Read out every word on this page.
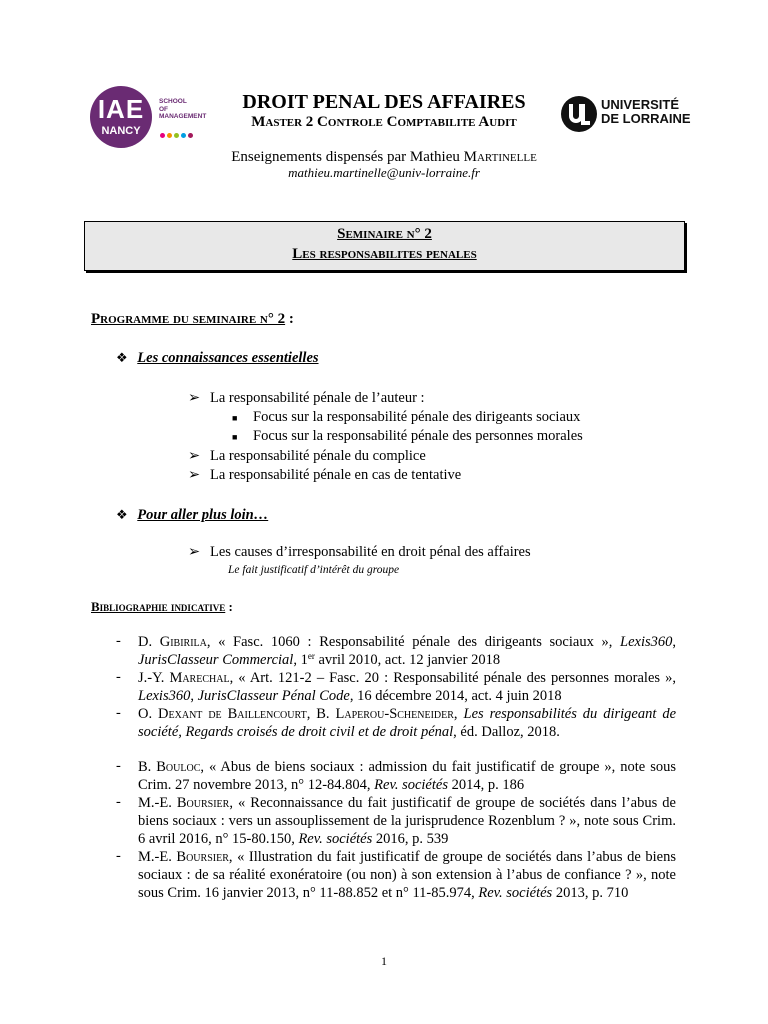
IAE
NANCY
SCHOOL
OF
MANAGEMENT
DROIT PENAL DES AFFAIRES
Master 2 Controle Comptabilite Audit
UNIVERSITÉ
DE LORRAINE
Enseignements dispensés par Mathieu Martinelle
mathieu.martinelle@univ-lorraine.fr
Seminaire n° 2
Les responsabilites penales
Programme du seminaire n° 2 :
❖ Les connaissances essentielles
➢ La responsabilité pénale de l’auteur :
■ Focus sur la responsabilité pénale des dirigeants sociaux
■ Focus sur la responsabilité pénale des personnes morales
➢ La responsabilité pénale du complice
➢ La responsabilité pénale en cas de tentative
❖ Pour aller plus loin…
➢ Les causes d’irresponsabilité en droit pénal des affaires
Le fait justificatif d’intérêt du groupe
Bibliographie indicative :
- D. Gibirila, « Fasc. 1060 : Responsabilité pénale des dirigeants sociaux », Lexis360, JurisClasseur Commercial, 1er avril 2010, act. 12 janvier 2018
- J.-Y. Marechal, « Art. 121-2 – Fasc. 20 : Responsabilité pénale des personnes morales », Lexis360, JurisClasseur Pénal Code, 16 décembre 2014, act. 4 juin 2018
- O. Dexant de Baillencourt, B. Laperou-Scheneider, Les responsabilités du dirigeant de société, Regards croisés de droit civil et de droit pénal, éd. Dalloz, 2018.
- B. Bouloc, « Abus de biens sociaux : admission du fait justificatif de groupe », note sous Crim. 27 novembre 2013, n° 12-84.804, Rev. sociétés 2014, p. 186
- M.-E. Boursier, « Reconnaissance du fait justificatif de groupe de sociétés dans l’abus de biens sociaux : vers un assouplissement de la jurisprudence Rozenblum ? », note sous Crim. 6 avril 2016, n° 15-80.150, Rev. sociétés 2016, p. 539
- M.-E. Boursier, « Illustration du fait justificatif de groupe de sociétés dans l’abus de biens sociaux : de sa réalité exonératoire (ou non) à son extension à l’abus de confiance ? », note sous Crim. 16 janvier 2013, n° 11-88.852 et n° 11-85.974, Rev. sociétés 2013, p. 710
1
